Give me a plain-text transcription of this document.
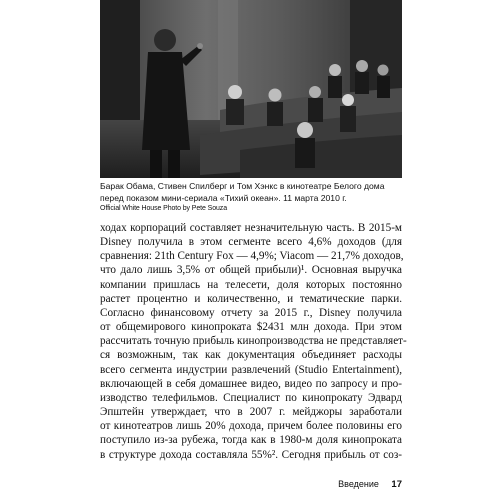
Барак Обама, Стивен Спилберг и Том Хэнкс в кинотеатре Белого дома
перед показом мини-сериала «Тихий океан». 11 марта 2010 г.
Official White House Photo by Pete Souza
ходах корпораций составляет незначительную часть. В 2015-м
Disney получила в этом сегменте всего 4,6% доходов (для
сравнения: 21th Century Fox — 4,9%; Viacom — 21,7% доходов,
что дало лишь 3,5% от общей прибыли)¹. Основная выручка
компании пришлась на телесети, доля которых постоянно
растет процентно и количественно, и тематические парки.
Согласно финансовому отчету за 2015 г., Disney получила
от общемирового кинопроката $2431 млн дохода. При этом
рассчитать точную прибыль кинопроизводства не представляет-
ся возможным, так как документация объединяет расходы
всего сегмента индустрии развлечений (Studio Entertainment),
включающей в себя домашнее видео, видео по запросу и про-
изводство телефильмов. Специалист по кинопрокату Эдвард
Эпштейн утверждает, что в 2007 г. мейджоры заработали
от кинотеатров лишь 20% дохода, причем более половины его
поступило из-за рубежа, тогда как в 1980-м доля кинопроката
в структуре дохода составляла 55%². Сегодня прибыль от соз-
Введение 17
